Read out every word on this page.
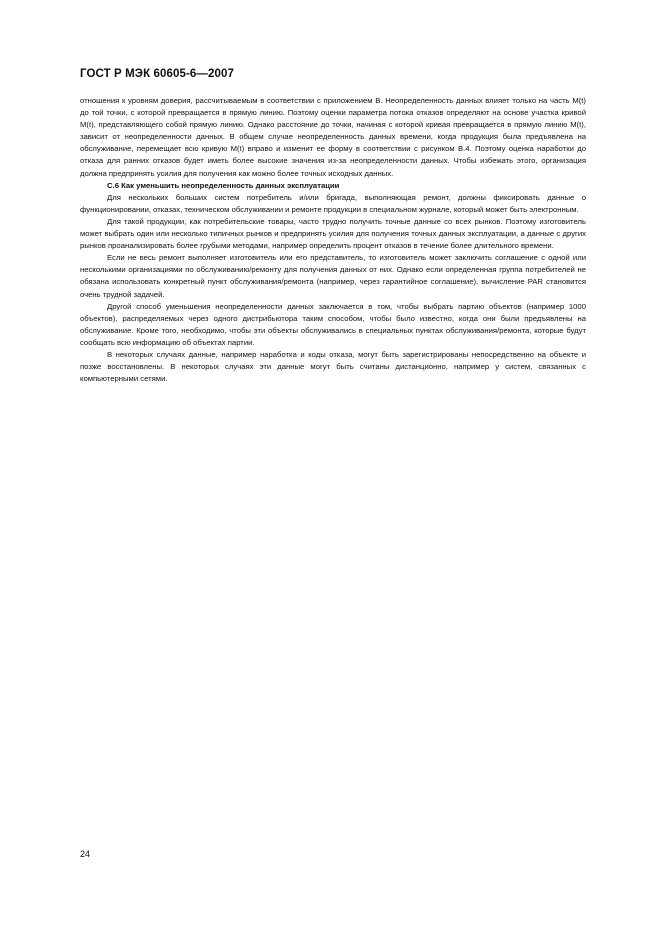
ГОСТ Р МЭК 60605-6—2007

отношения к уровням доверия, рассчитываемым в соответствии с приложением В. Неопределенность данных влияет только на часть M(t) до той точки, с которой превращается в прямую линию. Поэтому оценки параметра потока отказов определяют на основе участка кривой M(t), представляющего собой прямую линию. Однако расстояние до точки, начиная с которой кривая превращается в прямую линию M(t), зависит от неопределенности данных. В общем случае неопределенность данных времени, когда продукция была предъявлена на обслуживание, перемещает всю кривую M(t) вправо и изменит ее форму в соответствии с рисунком В.4. Поэтому оценка наработки до отказа для ранних отказов будет иметь более высокие значения из-за неопределенности данных. Чтобы избежать этого, организация должна предпринять усилия для получения как можно более точных исходных данных.

С.6 Как уменьшить неопределенность данных эксплуатации

Для нескольких больших систем потребитель и/или бригада, выполняющая ремонт, должны фиксировать данные о функционировании, отказах, техническом обслуживании и ремонте продукции в специальном журнале, который может быть электронным.

Для такой продукции, как потребительские товары, часто трудно получить точные данные со всех рынков. Поэтому изготовитель может выбрать один или несколько типичных рынков и предпринять усилия для получения точных данных эксплуатации, а данные с других рынков проанализировать более грубыми методами, например определить процент отказов в течение более длительного времени.

Если не весь ремонт выполняет изготовитель или его представитель, то изготовитель может заключить соглашение с одной или несколькими организациями по обслуживанию/ремонту для получения данных от них. Однако если определенная группа потребителей не обязана использовать конкретный пункт обслуживания/ремонта (например, через гарантийное соглашение), вычисление PAR становится очень трудной задачей.

Другой способ уменьшения неопределенности данных заключается в том, чтобы выбрать партию объектов (например 1000 объектов), распределяемых через одного дистрибьютора таким способом, чтобы было известно, когда они были предъявлены на обслуживание. Кроме того, необходимо, чтобы эти объекты обслуживались в специальных пунктах обслуживания/ремонта, которые будут сообщать всю информацию об объектах партии.

В некоторых случаях данные, например наработка и коды отказа, могут быть зарегистрированы непосредственно на объекте и позже восстановлены. В некоторых случаях эти данные могут быть считаны дистанционно, например у систем, связанных с компьютерными сетями.

24
